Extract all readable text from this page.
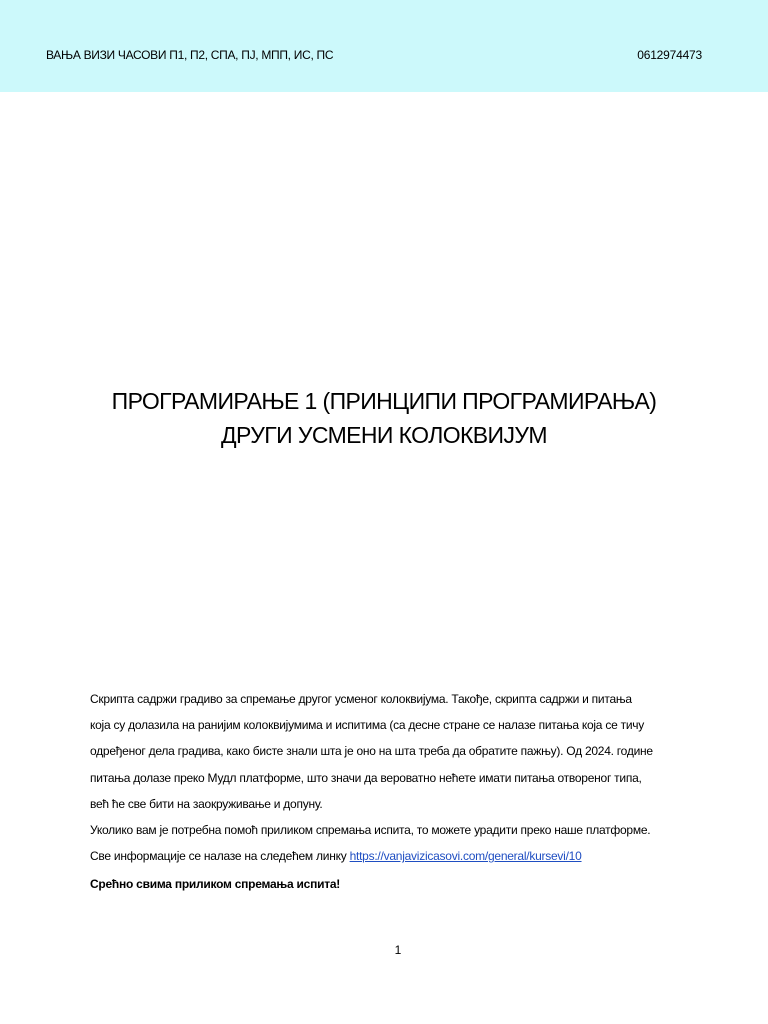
ВАЊА ВИЗИ ЧАСОВИ П1, П2, СПА, ПЈ, МПП, ИС, ПС	0612974473
ПРОГРАМИРАЊЕ 1 (ПРИНЦИПИ ПРОГРАМИРАЊА)
ДРУГИ УСМЕНИ КОЛОКВИЈУМ

Скрипта садржи градиво за спремање другог усменог колоквијума. Такође, скрипта садржи и питања

која су долазила на ранијим колоквијумима и испитима (са десне стране се налазе питања која се тичу

одређеног дела градива, како бисте знали шта је оно на шта треба да обратите пажњу). Од 2024. године

питања долазе преко Мудл платформе, што значи да вероватно нећете имати питања отвореног типа,

већ ће све бити на заокруживање и допуну.

Уколико вам је потребна помоћ приликом спремања испита, то можете урадити преко наше платформе.

Све информације се налазе на следећем линку https://vanjavizicasovi.com/general/kursevi/10

Срећно свима приликом спремања испита!

1
